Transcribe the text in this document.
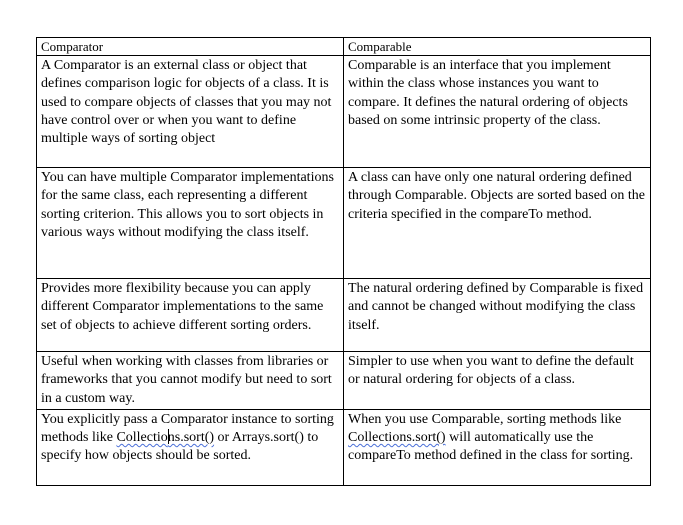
Comparator	Comparable

A Comparator is an external class or object that defines comparison logic for objects of a class. It is used to compare objects of classes that you may not have control over or when you want to define multiple ways of sorting object	Comparable is an interface that you implement within the class whose instances you want to compare. It defines the natural ordering of objects based on some intrinsic property of the class.

You can have multiple Comparator implementations for the same class, each representing a different sorting criterion. This allows you to sort objects in various ways without modifying the class itself.	A class can have only one natural ordering defined through Comparable. Objects are sorted based on the criteria specified in the compareTo method.

Provides more flexibility because you can apply different Comparator implementations to the same set of objects to achieve different sorting orders.	The natural ordering defined by Comparable is fixed and cannot be changed without modifying the class itself.

Useful when working with classes from libraries or frameworks that you cannot modify but need to sort in a custom way.	Simpler to use when you want to define the default or natural ordering for objects of a class.

You explicitly pass a Comparator instance to sorting methods like Collections.sort() or Arrays.sort() to specify how objects should be sorted.	When you use Comparable, sorting methods like Collections.sort() will automatically use the compareTo method defined in the class for sorting.
